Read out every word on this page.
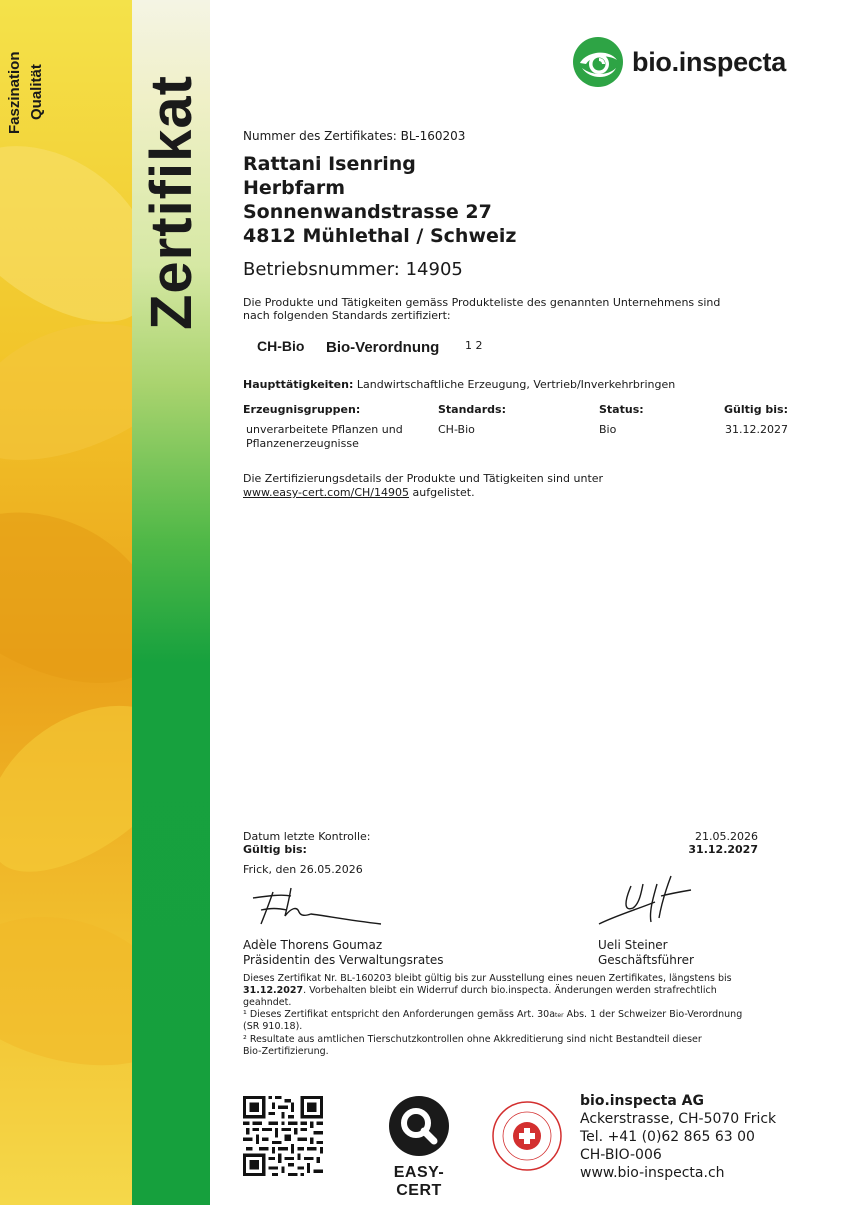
Faszination Qualität Zertifikat
bio.inspecta
Nummer des Zertifikates: BL-160203
Rattani Isenring
Herbfarm
Sonnenwandstrasse 27
4812 Mühlethal / Schweiz
Betriebsnummer: 14905
Die Produkte und Tätigkeiten gemäss Produkteliste des genannten Unternehmens sind
nach folgenden Standards zertifiziert:
CH-Bio Bio-Verordnung 1 2
Haupttätigkeiten: Landwirtschaftliche Erzeugung, Vertrieb/Inverkehrbringen
Erzeugnisgruppen:	Standards:	Status:	Gültig bis:
unverarbeitete Pflanzen und
Pflanzenerzeugnisse
CH-Bio	Bio	31.12.2027
Die Zertifizierungsdetails der Produkte und Tätigkeiten sind unter
www.easy-cert.com/CH/14905 aufgelistet.
Datum letzte Kontrolle:	21.05.2026
Gültig bis:	31.12.2027
Frick, den 26.05.2026
Adèle Thorens Goumaz
Präsidentin des Verwaltungsrates
Ueli Steiner
Geschäftsführer
Dieses Zertifikat Nr. BL-160203 bleibt gültig bis zur Ausstellung eines neuen Zertifikates, längstens bis
31.12.2027. Vorbehalten bleibt ein Widerruf durch bio.inspecta. Änderungen werden strafrechtlich
geahndet.
¹ Dieses Zertifikat entspricht den Anforderungen gemäss Art. 30ater Abs. 1 der Schweizer Bio-Verordnung
(SR 910.18).
² Resultate aus amtlichen Tierschutzkontrollen ohne Akkreditierung sind nicht Bestandteil dieser
Bio-Zertifizierung.
EASY-CERT
bio.inspecta AG
Ackerstrasse, CH-5070 Frick
Tel. +41 (0)62 865 63 00
CH-BIO-006
www.bio-inspecta.ch
